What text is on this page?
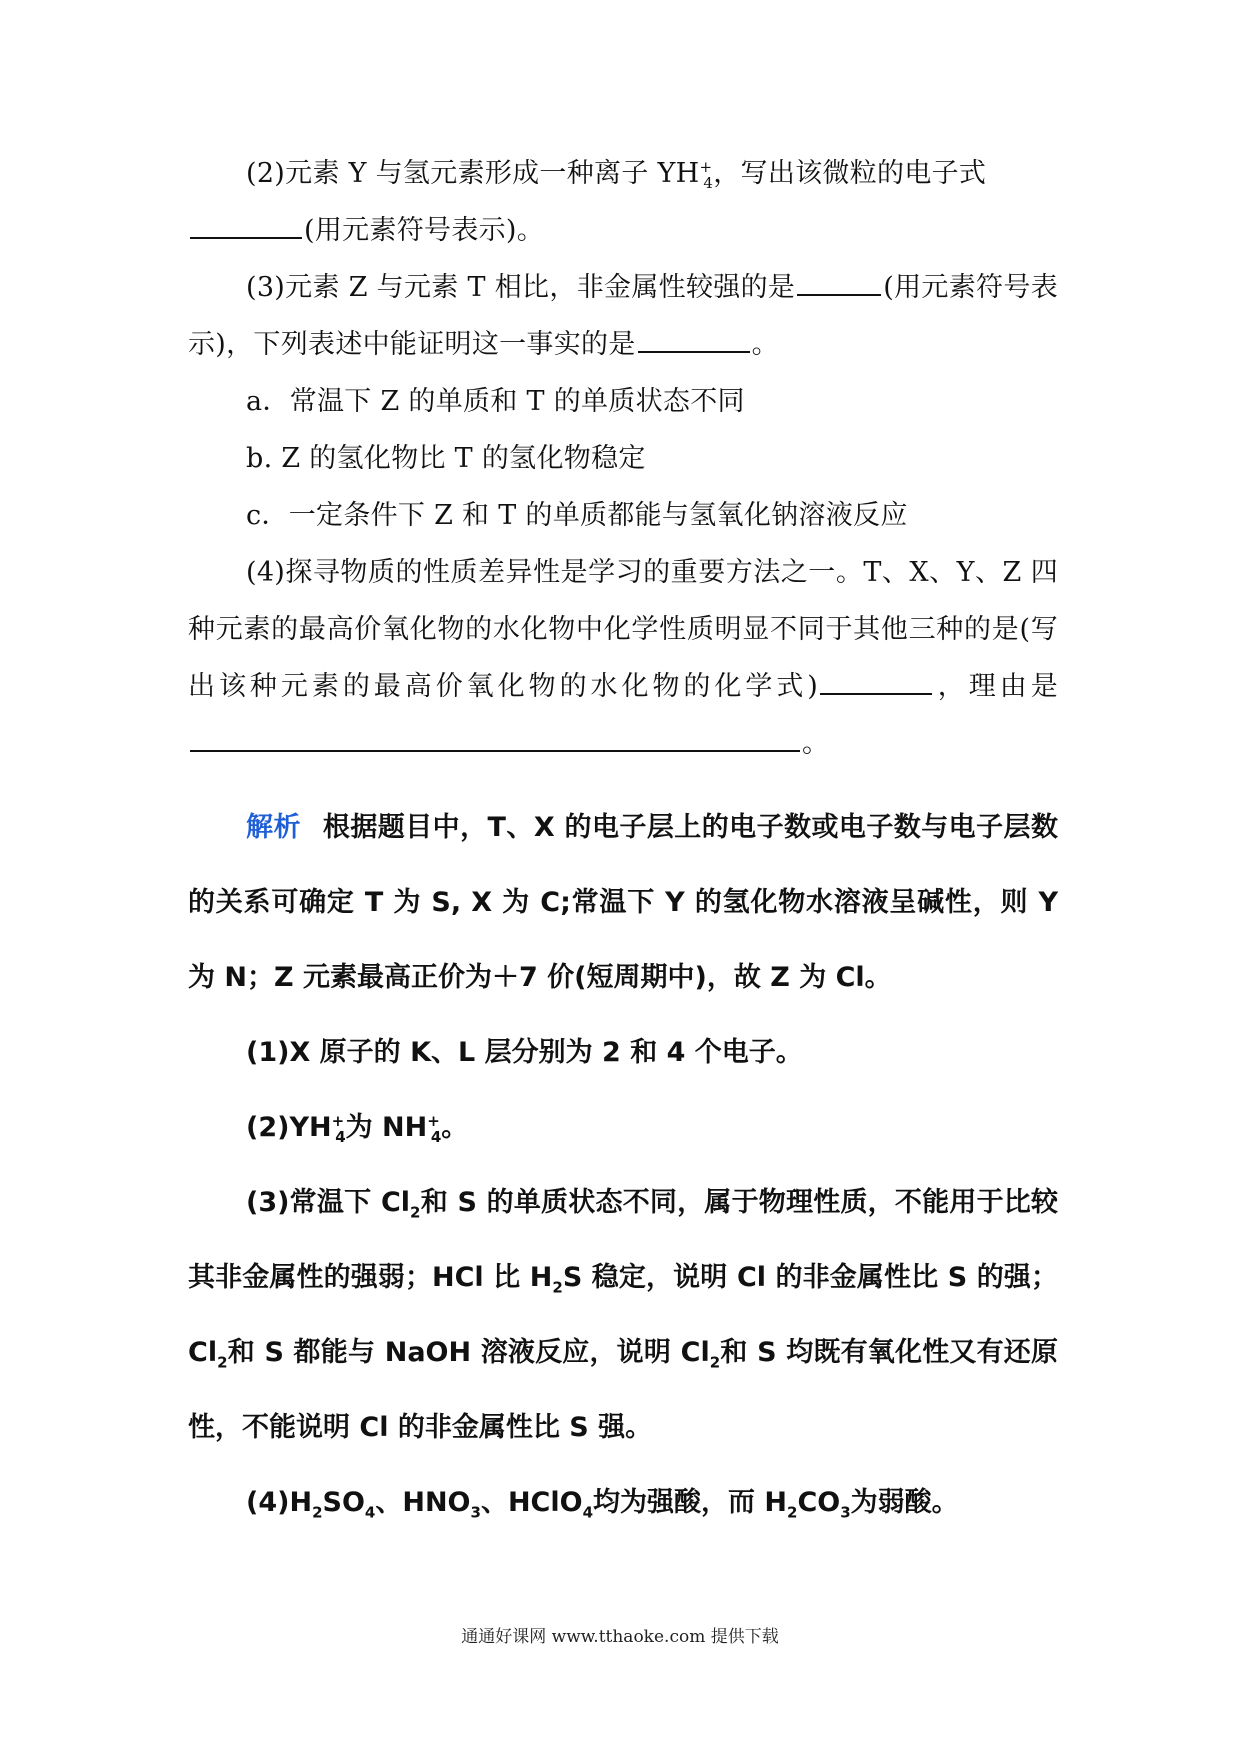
(2)元素 Y 与氢元素形成一种离子 $YH^+_4$，写出该微粒的电子式
(用元素符号表示)。

(3)元素 Z 与元素 T 相比，非金属性较强的是	(用元素符号表示)，下列表述中能证明这一事实的是	。

a．常温下 Z 的单质和 T 的单质状态不同

b. Z 的氢化物比 T 的氢化物稳定

c．一定条件下 Z 和 T 的单质都能与氢氧化钠溶液反应

(4)探寻物质的性质差异性是学习的重要方法之一。T、X、Y、Z 四种元素的最高价氧化物的水化物中化学性质明显不同于其他三种的是(写出该种元素的最高价氧化物的水化物的化学式)	，理由是。

解析 根据题目中，T、X 的电子层上的电子数或电子数与电子层数的关系可确定 T 为 S, X 为 C;常温下 Y 的氢化物水溶液呈碱性，则 Y 为 N；Z 元素最高正价为＋7 价(短周期中)，故 Z 为 Cl。

(1)X 原子的 K、L 层分别为 2 和 4 个电子。

$(2)YH^+_4$为 $NH^+_4$。

(3)常温下 $Cl_2$和 S 的单质状态不同，属于物理性质，不能用于比较其非金属性的强弱；HCl 比 $H_2S$ 稳定，说明 Cl 的非金属性比 S 的强；$Cl_2$和 S 都能与 NaOH 溶液反应，说明 $Cl_2$和 S 均既有氧化性又有还原性，不能说明 Cl 的非金属性比 S 强。

$(4)H_2SO_4$、$HNO_3$、HClO$_4$均为强酸，而 $H_2CO_3$为弱酸。

通通好课网 www.tthaoke.com 提供下载
